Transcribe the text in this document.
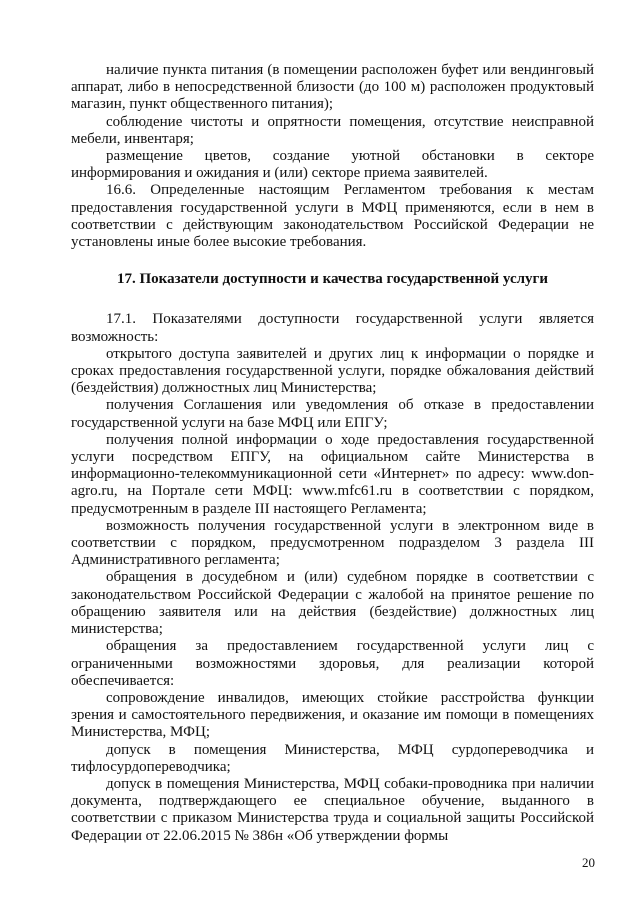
наличие пункта питания (в помещении расположен буфет или вендинговый аппарат, либо в непосредственной близости (до 100 м) расположен продуктовый магазин, пункт общественного питания);

соблюдение чистоты и опрятности помещения, отсутствие неисправной мебели, инвентаря;

размещение цветов, создание уютной обстановки в секторе информирования и ожидания и (или) секторе приема заявителей.

16.6. Определенные настоящим Регламентом требования к местам предоставления государственной услуги в МФЦ применяются, если в нем в соответствии с действующим законодательством Российской Федерации не установлены иные более высокие требования.

17. Показатели доступности и качества государственной услуги

17.1. Показателями доступности государственной услуги является возможность:

открытого доступа заявителей и других лиц к информации о порядке и сроках предоставления государственной услуги, порядке обжалования действий (бездействия) должностных лиц Министерства;

получения Соглашения или уведомления об отказе в предоставлении государственной услуги на базе МФЦ или ЕПГУ;

получения полной информации о ходе предоставления государственной услуги посредством ЕПГУ, на официальном сайте Министерства в информационно-телекоммуникационной сети «Интернет» по адресу: www.don-agro.ru, на Портале сети МФЦ: www.mfc61.ru в соответствии с порядком, предусмотренным в разделе III настоящего Регламента;

возможность получения государственной услуги в электронном виде в соответствии с порядком, предусмотренном подразделом 3 раздела III Административного регламента;

обращения в досудебном и (или) судебном порядке в соответствии с законодательством Российской Федерации с жалобой на принятое решение по обращению заявителя или на действия (бездействие) должностных лиц министерства;

обращения за предоставлением государственной услуги лиц с ограниченными возможностями здоровья, для реализации которой обеспечивается:

сопровождение инвалидов, имеющих стойкие расстройства функции зрения и самостоятельного передвижения, и оказание им помощи в помещениях Министерства, МФЦ;

допуск в помещения Министерства, МФЦ сурдопереводчика и тифлосурдопереводчика;

допуск в помещения Министерства, МФЦ собаки-проводника при наличии документа, подтверждающего ее специальное обучение, выданного в соответствии с приказом Министерства труда и социальной защиты Российской Федерации от 22.06.2015 № 386н «Об утверждении формы

20
